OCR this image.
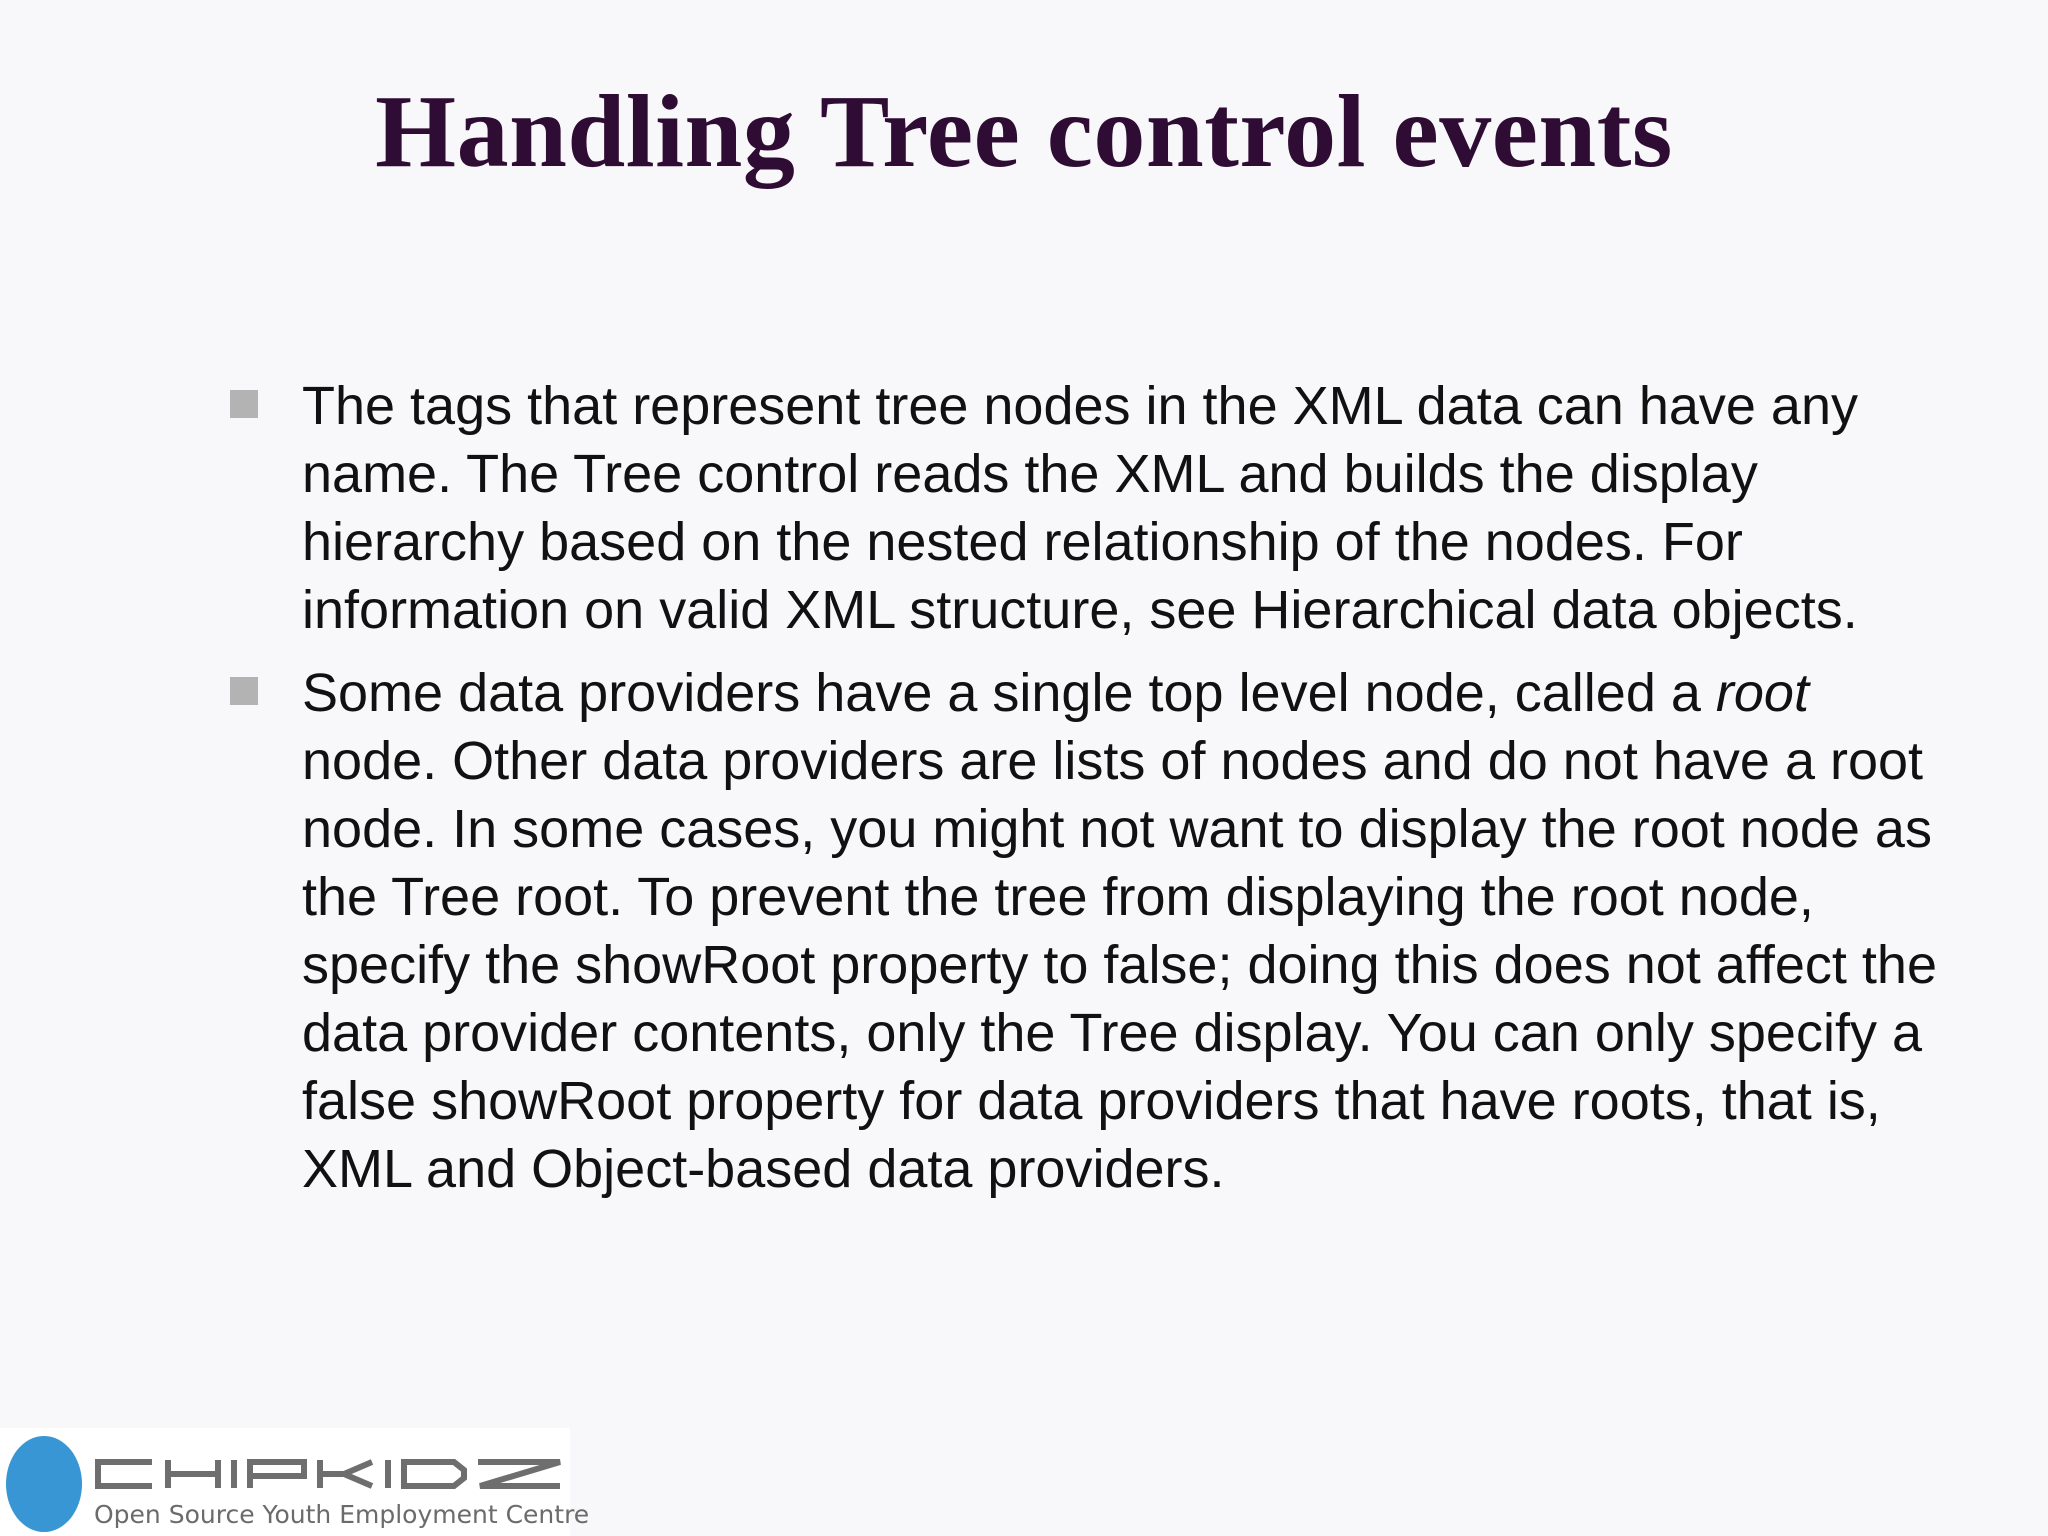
Handling Tree control events
The tags that represent tree nodes in the XML data can have any name. The Tree control reads the XML and builds the display hierarchy based on the nested relationship of the nodes. For information on valid XML structure, see Hierarchical data objects.
Some data providers have a single top level node, called a root node. Other data providers are lists of nodes and do not have a root node. In some cases, you might not want to display the root node as the Tree root. To prevent the tree from displaying the root node, specify the showRoot property to false; doing this does not affect the data provider contents, only the Tree display. You can only specify a false showRoot property for data providers that have roots, that is, XML and Object-based data providers.
Open Source Youth Employment Centre
